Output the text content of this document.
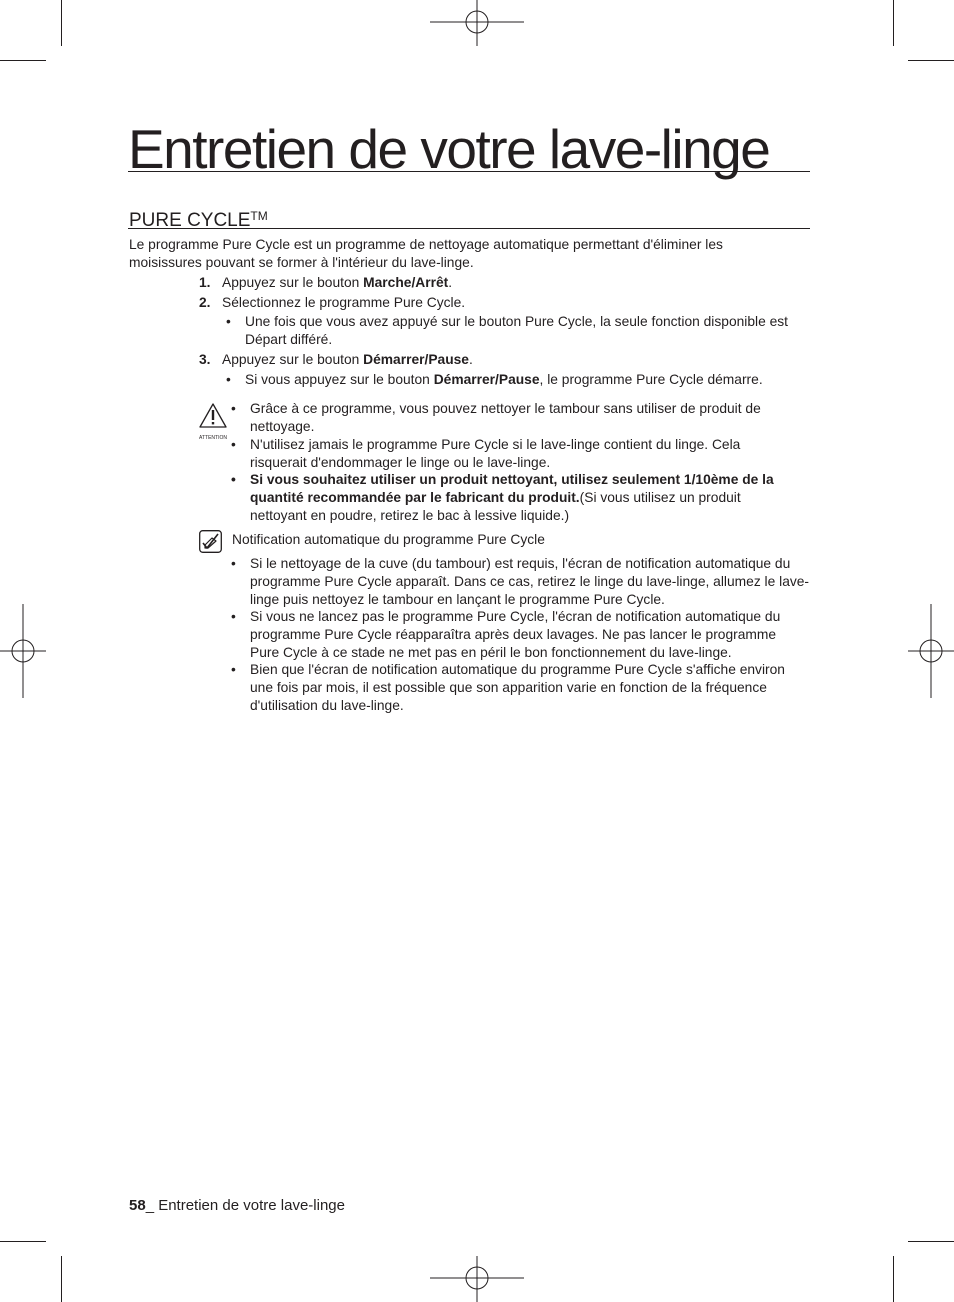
Entretien de votre lave-linge
PURE CYCLE™
Le programme Pure Cycle est un programme de nettoyage automatique permettant d'éliminer les moisissures pouvant se former à l'intérieur du lave-linge.
1. Appuyez sur le bouton Marche/Arrêt.
2. Sélectionnez le programme Pure Cycle.
• Une fois que vous avez appuyé sur le bouton Pure Cycle, la seule fonction disponible est Départ différé.
3. Appuyez sur le bouton Démarrer/Pause.
• Si vous appuyez sur le bouton Démarrer/Pause, le programme Pure Cycle démarre.
ATTENTION
• Grâce à ce programme, vous pouvez nettoyer le tambour sans utiliser de produit de nettoyage.
• N'utilisez jamais le programme Pure Cycle si le lave-linge contient du linge. Cela risquerait d'endommager le linge ou le lave-linge.
• Si vous souhaitez utiliser un produit nettoyant, utilisez seulement 1/10ème de la quantité recommandée par le fabricant du produit.(Si vous utilisez un produit nettoyant en poudre, retirez le bac à lessive liquide.)
Notification automatique du programme Pure Cycle
• Si le nettoyage de la cuve (du tambour) est requis, l'écran de notification automatique du programme Pure Cycle apparaît. Dans ce cas, retirez le linge du lave-linge, allumez le lave-linge puis nettoyez le tambour en lançant le programme Pure Cycle.
• Si vous ne lancez pas le programme Pure Cycle, l'écran de notification automatique du programme Pure Cycle réapparaîtra après deux lavages. Ne pas lancer le programme Pure Cycle à ce stade ne met pas en péril le bon fonctionnement du lave-linge.
• Bien que l'écran de notification automatique du programme Pure Cycle s'affiche environ une fois par mois, il est possible que son apparition varie en fonction de la fréquence d'utilisation du lave-linge.
58_ Entretien de votre lave-linge
